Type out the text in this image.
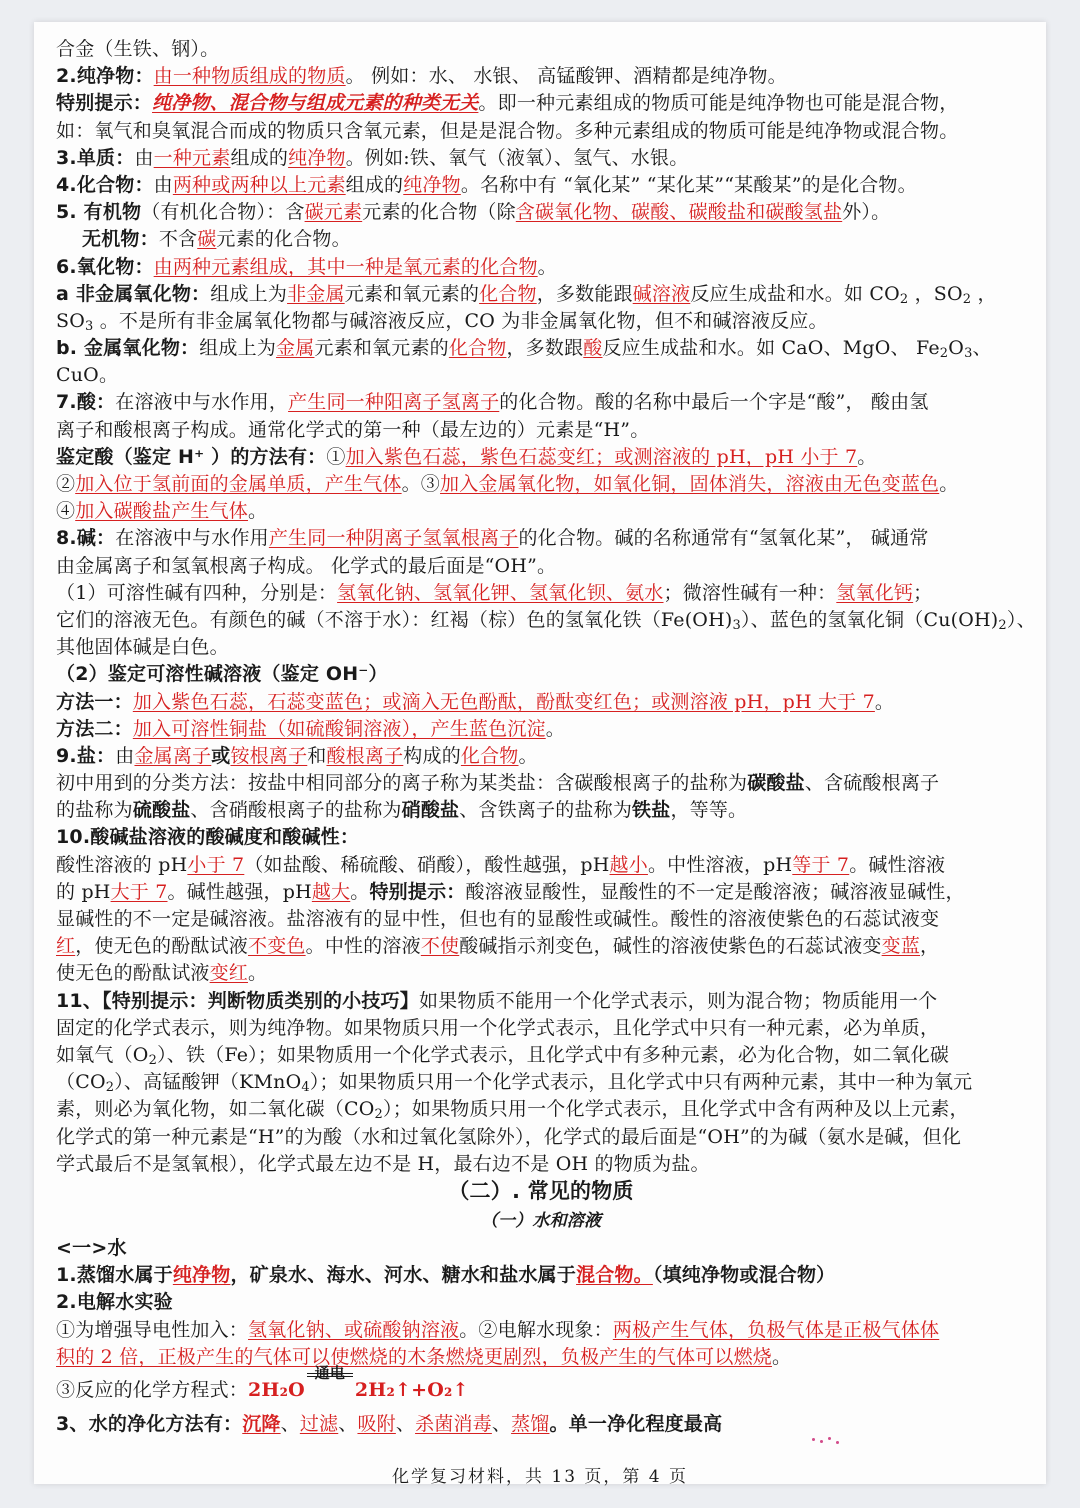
合金（生铁、钢）。
2.纯净物：由一种物质组成的物质。 例如：水、 水银、 高锰酸钾、酒精都是纯净物。
特别提示：纯净物、混合物与组成元素的种类无关。即一种元素组成的物质可能是纯净物也可能是混合物，
如：氧气和臭氧混合而成的物质只含氧元素，但是是混合物。多种元素组成的物质可能是纯净物或混合物。
3.单质：由一种元素组成的纯净物。例如:铁、氧气（液氧）、氢气、水银。
4.化合物：由两种或两种以上元素组成的纯净物。名称中有 “氧化某” “某化某”“某酸某”的是化合物。
5. 有机物（有机化合物）：含碳元素元素的化合物（除含碳氧化物、碳酸、碳酸盐和碳酸氢盐外）。
无机物：不含碳元素的化合物。
6.氧化物：由两种元素组成，其中一种是氧元素的化合物。
a 非金属氧化物：组成上为非金属元素和氧元素的化合物，多数能跟碱溶液反应生成盐和水。如 $CO_2$ ，$SO_2$ ，
$SO_3$ 。不是所有非金属氧化物都与碱溶液反应，CO 为非金属氧化物，但不和碱溶液反应。
b. 金属氧化物：组成上为金属元素和氧元素的化合物，多数跟酸反应生成盐和水。如 CaO、MgO、 $Fe_2O_3$、
CuO。
7.酸：在溶液中与水作用，产生同一种阳离子氢离子的化合物。酸的名称中最后一个字是“酸”， 酸由氢
离子和酸根离子构成。通常化学式的第一种（最左边的）元素是“H”。
鉴定酸（鉴定 H⁺ ）的方法有：①加入紫色石蕊，紫色石蕊变红；或测溶液的 pH，pH 小于 7。
②加入位于氢前面的金属单质，产生气体。③加入金属氧化物，如氧化铜，固体消失，溶液由无色变蓝色。
④加入碳酸盐产生气体。
8.碱：在溶液中与水作用产生同一种阴离子氢氧根离子的化合物。碱的名称通常有“氢氧化某”， 碱通常
由金属离子和氢氧根离子构成。 化学式的最后面是“OH”。
（1）可溶性碱有四种，分别是：氢氧化钠、氢氧化钾、氢氧化钡、氨水；微溶性碱有一种：氢氧化钙；
它们的溶液无色。有颜色的碱（不溶于水）：红褐（棕）色的氢氧化铁$(Fe(OH)_3)$、蓝色的氢氧化铜$(Cu(OH)_2)$、
其他固体碱是白色。
（2）鉴定可溶性碱溶液（鉴定 OH⁻）
方法一：加入紫色石蕊，石蕊变蓝色；或滴入无色酚酞，酚酞变红色；或测溶液 pH，pH 大于 7。
方法二：加入可溶性铜盐（如硫酸铜溶液），产生蓝色沉淀。
9.盐：由金属离子或铵根离子和酸根离子构成的化合物。
初中用到的分类方法：按盐中相同部分的离子称为某类盐：含碳酸根离子的盐称为碳酸盐、含硫酸根离子
的盐称为硫酸盐、含硝酸根离子的盐称为硝酸盐、含铁离子的盐称为铁盐，等等。
10.酸碱盐溶液的酸碱度和酸碱性：
酸性溶液的 pH小于 7（如盐酸、稀硫酸、硝酸），酸性越强，pH越小。中性溶液，pH等于 7。碱性溶液
的 pH大于 7。碱性越强，pH越大。特别提示：酸溶液显酸性，显酸性的不一定是酸溶液；碱溶液显碱性，
显碱性的不一定是碱溶液。盐溶液有的显中性，但也有的显酸性或碱性。酸性的溶液使紫色的石蕊试液变
红，使无色的酚酞试液不变色。中性的溶液不使酸碱指示剂变色，碱性的溶液使紫色的石蕊试液变变蓝，
使无色的酚酞试液变红。
11、【特别提示：判断物质类别的小技巧】如果物质不能用一个化学式表示，则为混合物；物质能用一个
固定的化学式表示，则为纯净物。如果物质只用一个化学式表示，且化学式中只有一种元素，必为单质，
如氧气$(O_2)$、铁（Fe）；如果物质用一个化学式表示，且化学式中有多种元素，必为化合物，如二氧化碳
$(CO_2)$、高锰酸钾（KMnO$_4$）；如果物质只用一个化学式表示，且化学式中只有两种元素，其中一种为氧元
素，则必为氧化物，如二氧化碳$(CO_2)$；如果物质只用一个化学式表示，且化学式中含有两种及以上元素，
化学式的第一种元素是“H”的为酸（水和过氧化氢除外），化学式的最后面是“OH”的为碱（氨水是碱，但化
学式最后不是氢氧根），化学式最左边不是 H，最右边不是 OH 的物质为盐。
（二）. 常见的物质
（一）水和溶液
<一>水
1.蒸馏水属于纯净物，矿泉水、海水、河水、糖水和盐水属于混合物。（填纯净物或混合物）
2.电解水实验
①为增强导电性加入：氢氧化钠、或硫酸钠溶液。②电解水现象：两极产生气体，负极气体是正极气体体
积的 2 倍，正极产生的气体可以使燃烧的木条燃烧更剧烈，负极产生的气体可以燃烧。
③反应的化学方程式：2H₂O
通电
2H₂↑+O₂↑
3、水的净化方法有：沉降、过滤、吸附、杀菌消毒、蒸馏。单一净化程度最高
化学复习材料，共 13 页，第 4 页
